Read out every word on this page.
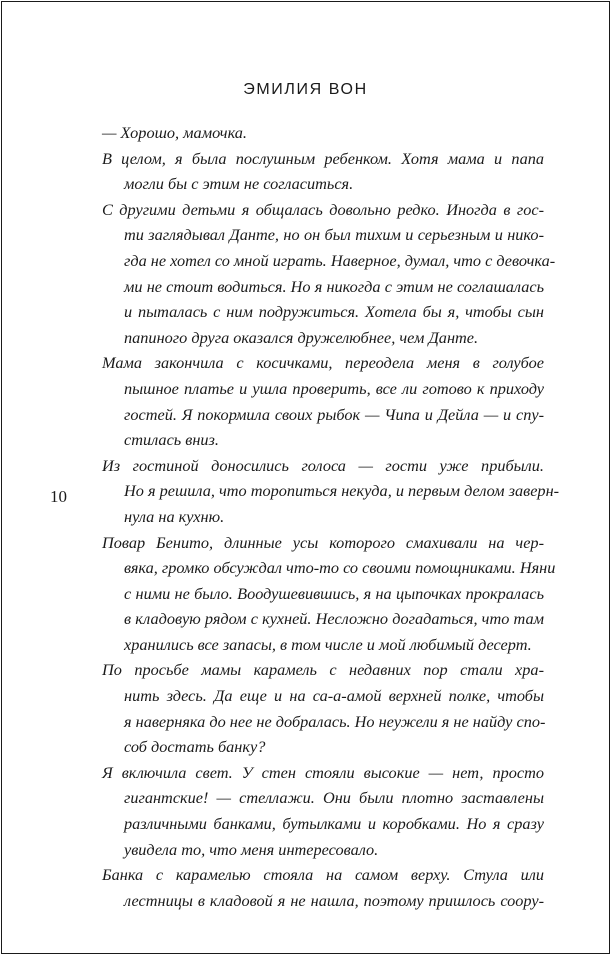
ЭМИЛИЯ ВОН
10
— Хорошо, мамочка.
В целом, я была послушным ребенком. Хотя мама и папа
могли бы с этим не согласиться.
С другими детьми я общалась довольно редко. Иногда в гос-
ти заглядывал Данте, но он был тихим и серьезным и нико-
гда не хотел со мной играть. Наверное, думал, что с девочка-
ми не стоит водиться. Но я никогда с этим не соглашалась
и пыталась с ним подружиться. Хотела бы я, чтобы сын
папиного друга оказался дружелюбнее, чем Данте.
Мама закончила с косичками, переодела меня в голубое
пышное платье и ушла проверить, все ли готово к приходу
гостей. Я покормила своих рыбок — Чипа и Дейла — и спу-
стилась вниз.
Из гостиной доносились голоса — гости уже прибыли.
Но я решила, что торопиться некуда, и первым делом заверн-
нула на кухню.
Повар Бенито, длинные усы которого смахивали на чер-
вяка, громко обсуждал что-то со своими помощниками. Няни
с ними не было. Воодушевившись, я на цыпочках прокралась
в кладовую рядом с кухней. Несложно догадаться, что там
хранились все запасы, в том числе и мой любимый десерт.
По просьбе мамы карамель с недавних пор стали хра-
нить здесь. Да еще и на са-а-амой верхней полке, чтобы
я наверняка до нее не добралась. Но неужели я не найду спо-
соб достать банку?
Я включила свет. У стен стояли высокие — нет, просто
гигантские! — стеллажи. Они были плотно заставлены
различными банками, бутылками и коробками. Но я сразу
увидела то, что меня интересовало.
Банка с карамелью стояла на самом верху. Стула или
лестницы в кладовой я не нашла, поэтому пришлось соору-
